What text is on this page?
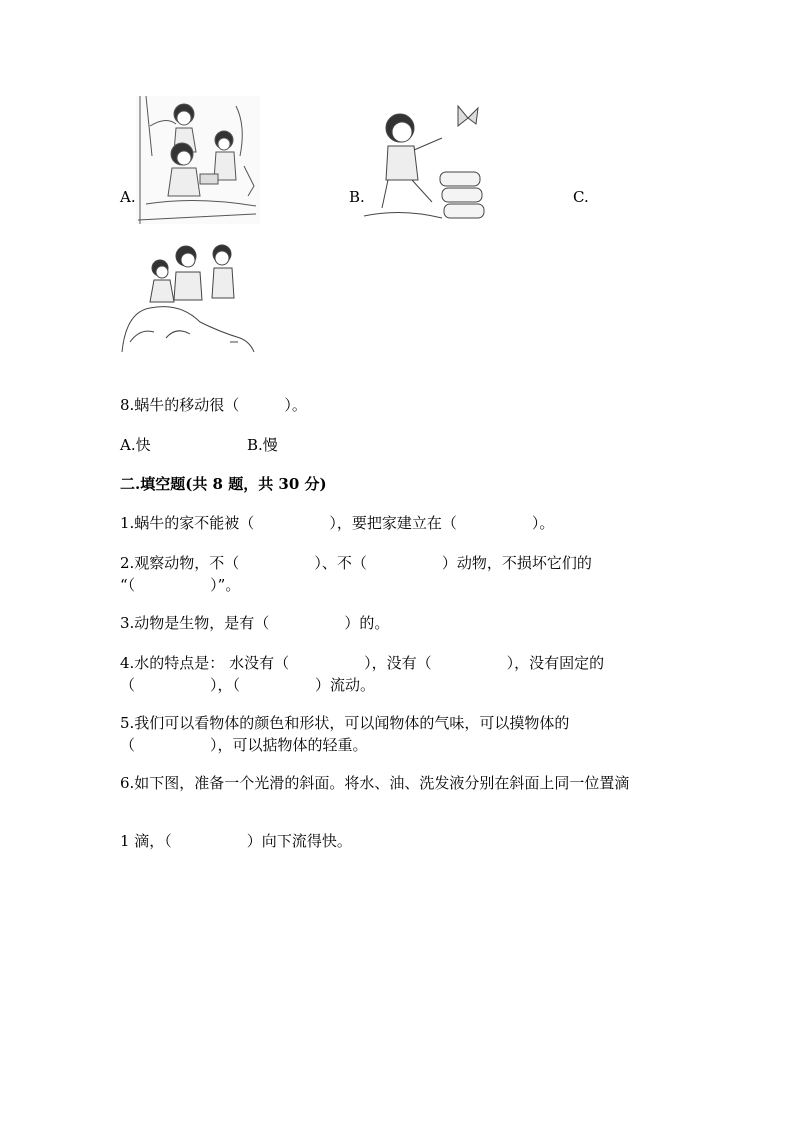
A.	B.	C.
8.蜗牛的移动很（　　　）。
A.快	B.慢
二.填空题(共 8 题，共 30 分)
1.蜗牛的家不能被（　　　　　），要把家建立在（　　　　　）。
2.观察动物，不（　　　　　）、不（　　　　　）动物，不损坏它们的
“（　　　　　）”。
3.动物是生物，是有（　　　　　）的。
4.水的特点是： 水没有（　　　　　），没有（　　　　　），没有固定的
（　　　　　），（　　　　　）流动。
5.我们可以看物体的颜色和形状，可以闻物体的气味，可以摸物体的
（　　　　　），可以掂物体的轻重。
6.如下图，准备一个光滑的斜面。将水、油、洗发液分别在斜面上同一位置滴
1 滴，（　　　　　）向下流得快。
